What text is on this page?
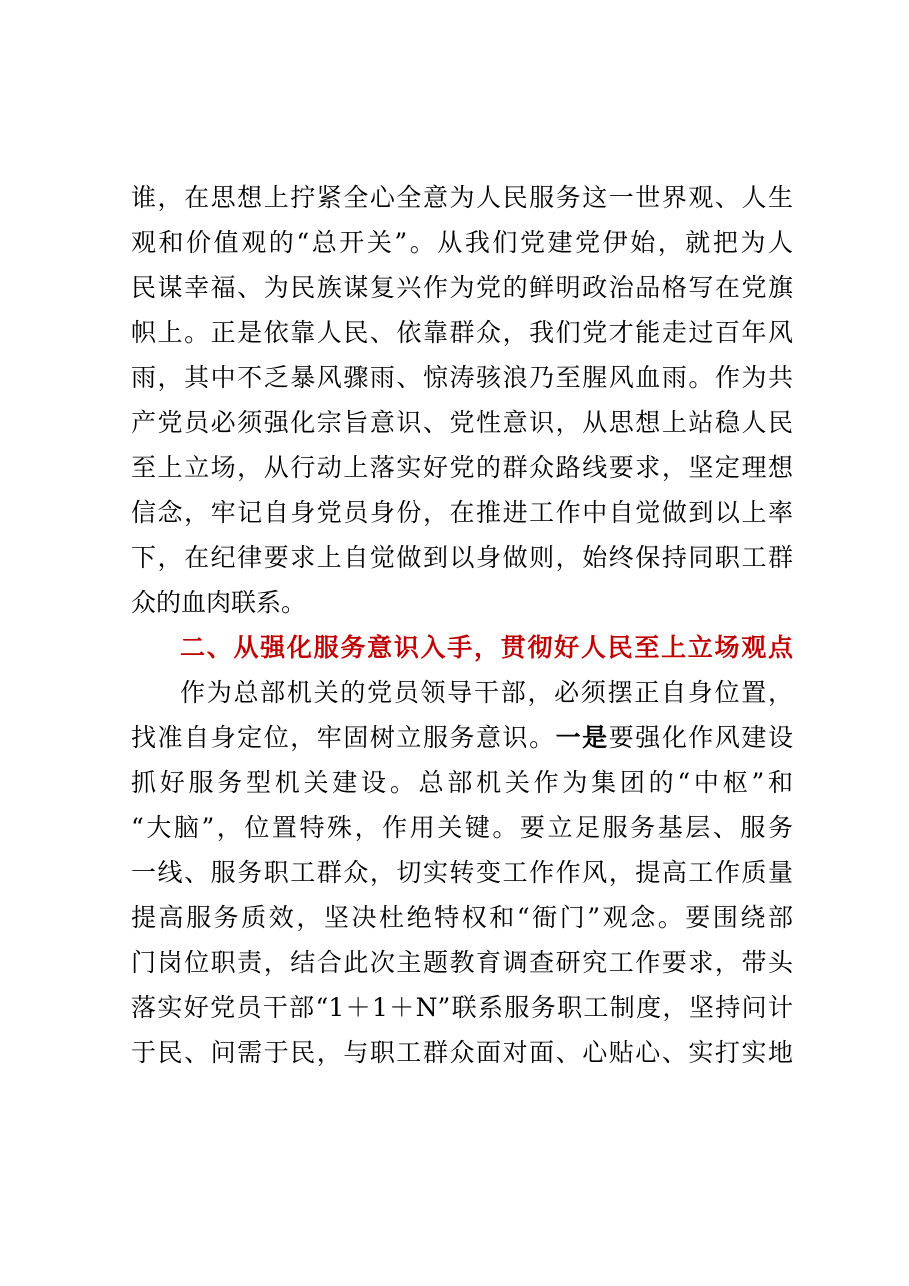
谁，在思想上拧紧全心全意为人民服务这一世界观、人生
观和价值观的“总开关”。从我们党建党伊始，就把为人
民谋幸福、为民族谋复兴作为党的鲜明政治品格写在党旗
帜上。正是依靠人民、依靠群众，我们党才能走过百年风
雨，其中不乏暴风骤雨、惊涛骇浪乃至腥风血雨。作为共
产党员必须强化宗旨意识、党性意识，从思想上站稳人民
至上立场，从行动上落实好党的群众路线要求，坚定理想
信念，牢记自身党员身份，在推进工作中自觉做到以上率
下，在纪律要求上自觉做到以身做则，始终保持同职工群
众的血肉联系。
二、从强化服务意识入手，贯彻好人民至上立场观点
作为总部机关的党员领导干部，必须摆正自身位置，
找准自身定位，牢固树立服务意识。一是要强化作风建设
抓好服务型机关建设。总部机关作为集团的“中枢”和
“大脑”，位置特殊，作用关键。要立足服务基层、服务
一线、服务职工群众，切实转变工作作风，提高工作质量
提高服务质效，坚决杜绝特权和“衙门”观念。要围绕部
门岗位职责，结合此次主题教育调查研究工作要求，带头
落实好党员干部“1＋1＋N”联系服务职工制度，坚持问计
于民、问需于民，与职工群众面对面、心贴心、实打实地
